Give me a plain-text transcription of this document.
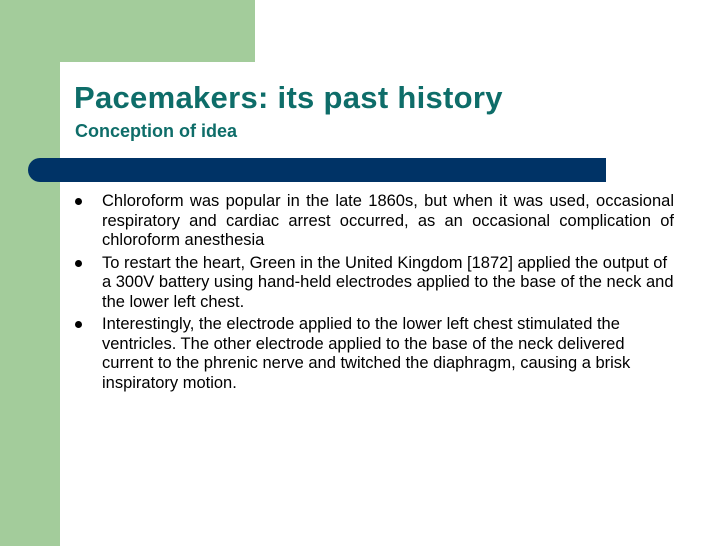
Pacemakers: its past history
Conception of idea
Chloroform was popular in the late 1860s, but when it was used, occasional respiratory and cardiac arrest occurred, as an occasional complication of chloroform anesthesia
To restart the heart, Green in the United Kingdom [1872] applied the output of a 300V battery using hand-held electrodes applied to the base of the neck and the lower left chest.
Interestingly, the electrode applied to the lower left chest stimulated the ventricles. The other electrode applied to the base of the neck delivered current to the phrenic nerve and twitched the diaphragm, causing a brisk inspiratory motion.
